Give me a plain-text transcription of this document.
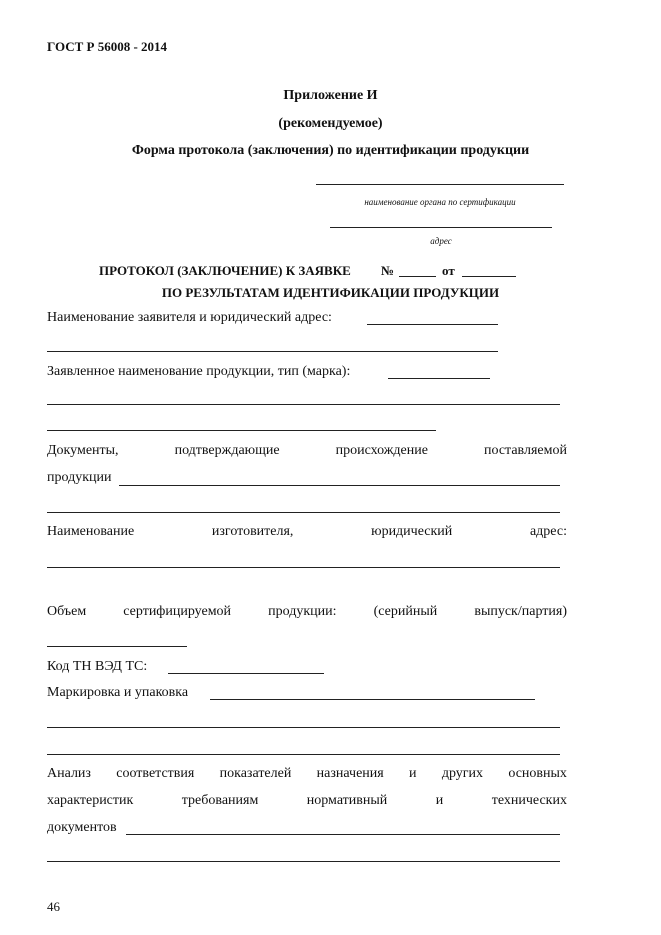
ГОСТ Р 56008 - 2014
Приложение И
(рекомендуемое)
Форма протокола (заключения) по идентификации продукции
наименование органа по сертификации
адрес
ПРОТОКОЛ (ЗАКЛЮЧЕНИЕ) К ЗАЯВКЕ №	от
ПО РЕЗУЛЬТАТАМ ИДЕНТИФИКАЦИИ ПРОДУКЦИИ
Наименование заявителя и юридический адрес:
Заявленное наименование продукции, тип (марка):
Документы,	подтверждающие	происхождение	поставляемой
продукции
Наименование	изготовителя,	юридический	адрес:
Объем	сертифицируемой	продукции:	(серийный	выпуск/партия)
Код ТН ВЭД ТС:
Маркировка и упаковка
Анализ соответствия показателей назначения и других основных
характеристик	требованиям	нормативный	и	технических
документов
46
